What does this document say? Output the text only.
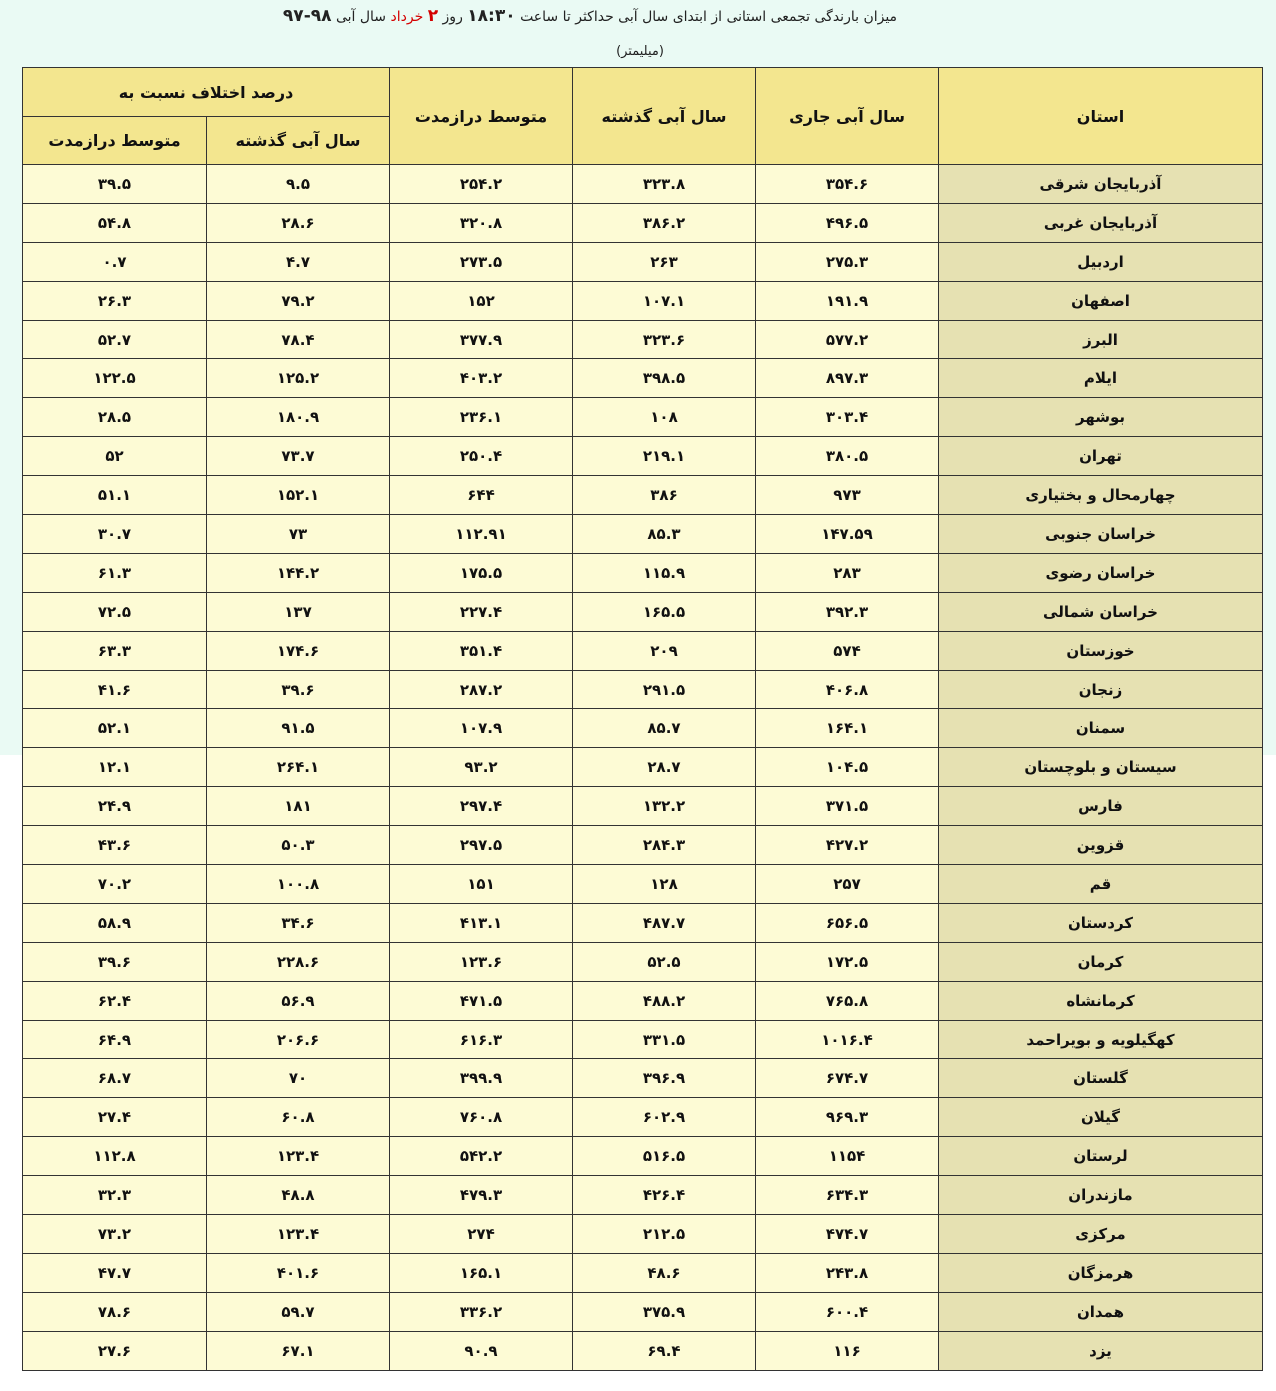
میزان بارندگی تجمعی استانی از ابتدای سال آبی حداکثر تا ساعت ۱۸:۳۰ روز ۲ خرداد سال آبی ۹۸-۹۷
(میلیمتر)
استان	سال آبی جاری	سال آبی گذشته	متوسط درازمدت	درصد اختلاف نسبت به	
				سال آبی گذشته	متوسط درازمدت
آذربایجان شرقی	۳۵۴.۶	۳۲۳.۸	۲۵۴.۲	۹.۵	۳۹.۵
آذربایجان غربی	۴۹۶.۵	۳۸۶.۲	۳۲۰.۸	۲۸.۶	۵۴.۸
اردبیل	۲۷۵.۳	۲۶۳	۲۷۳.۵	۴.۷	۰.۷
اصفهان	۱۹۱.۹	۱۰۷.۱	۱۵۲	۷۹.۲	۲۶.۳
البرز	۵۷۷.۲	۳۲۳.۶	۳۷۷.۹	۷۸.۴	۵۲.۷
ایلام	۸۹۷.۳	۳۹۸.۵	۴۰۳.۲	۱۲۵.۲	۱۲۲.۵
بوشهر	۳۰۳.۴	۱۰۸	۲۳۶.۱	۱۸۰.۹	۲۸.۵
تهران	۳۸۰.۵	۲۱۹.۱	۲۵۰.۴	۷۳.۷	۵۲
چهارمحال و بختیاری	۹۷۳	۳۸۶	۶۴۴	۱۵۲.۱	۵۱.۱
خراسان جنوبی	۱۴۷.۵۹	۸۵.۳	۱۱۲.۹۱	۷۳	۳۰.۷
خراسان رضوی	۲۸۳	۱۱۵.۹	۱۷۵.۵	۱۴۴.۲	۶۱.۳
خراسان شمالی	۳۹۲.۳	۱۶۵.۵	۲۲۷.۴	۱۳۷	۷۲.۵
خوزستان	۵۷۴	۲۰۹	۳۵۱.۴	۱۷۴.۶	۶۳.۳
زنجان	۴۰۶.۸	۲۹۱.۵	۲۸۷.۲	۳۹.۶	۴۱.۶
سمنان	۱۶۴.۱	۸۵.۷	۱۰۷.۹	۹۱.۵	۵۲.۱
سیستان و بلوچستان	۱۰۴.۵	۲۸.۷	۹۳.۲	۲۶۴.۱	۱۲.۱
فارس	۳۷۱.۵	۱۳۲.۲	۲۹۷.۴	۱۸۱	۲۴.۹
قزوین	۴۲۷.۲	۲۸۴.۳	۲۹۷.۵	۵۰.۳	۴۳.۶
قم	۲۵۷	۱۲۸	۱۵۱	۱۰۰.۸	۷۰.۲
کردستان	۶۵۶.۵	۴۸۷.۷	۴۱۳.۱	۳۴.۶	۵۸.۹
کرمان	۱۷۲.۵	۵۲.۵	۱۲۳.۶	۲۲۸.۶	۳۹.۶
کرمانشاه	۷۶۵.۸	۴۸۸.۲	۴۷۱.۵	۵۶.۹	۶۲.۴
کهگیلویه و بویراحمد	۱۰۱۶.۴	۳۳۱.۵	۶۱۶.۳	۲۰۶.۶	۶۴.۹
گلستان	۶۷۴.۷	۳۹۶.۹	۳۹۹.۹	۷۰	۶۸.۷
گیلان	۹۶۹.۳	۶۰۲.۹	۷۶۰.۸	۶۰.۸	۲۷.۴
لرستان	۱۱۵۴	۵۱۶.۵	۵۴۲.۲	۱۲۳.۴	۱۱۲.۸
مازندران	۶۳۴.۳	۴۲۶.۴	۴۷۹.۳	۴۸.۸	۳۲.۳
مرکزی	۴۷۴.۷	۲۱۲.۵	۲۷۴	۱۲۳.۴	۷۳.۲
هرمزگان	۲۴۳.۸	۴۸.۶	۱۶۵.۱	۴۰۱.۶	۴۷.۷
همدان	۶۰۰.۴	۳۷۵.۹	۳۳۶.۲	۵۹.۷	۷۸.۶
یزد	۱۱۶	۶۹.۴	۹۰.۹	۶۷.۱	۲۷.۶
